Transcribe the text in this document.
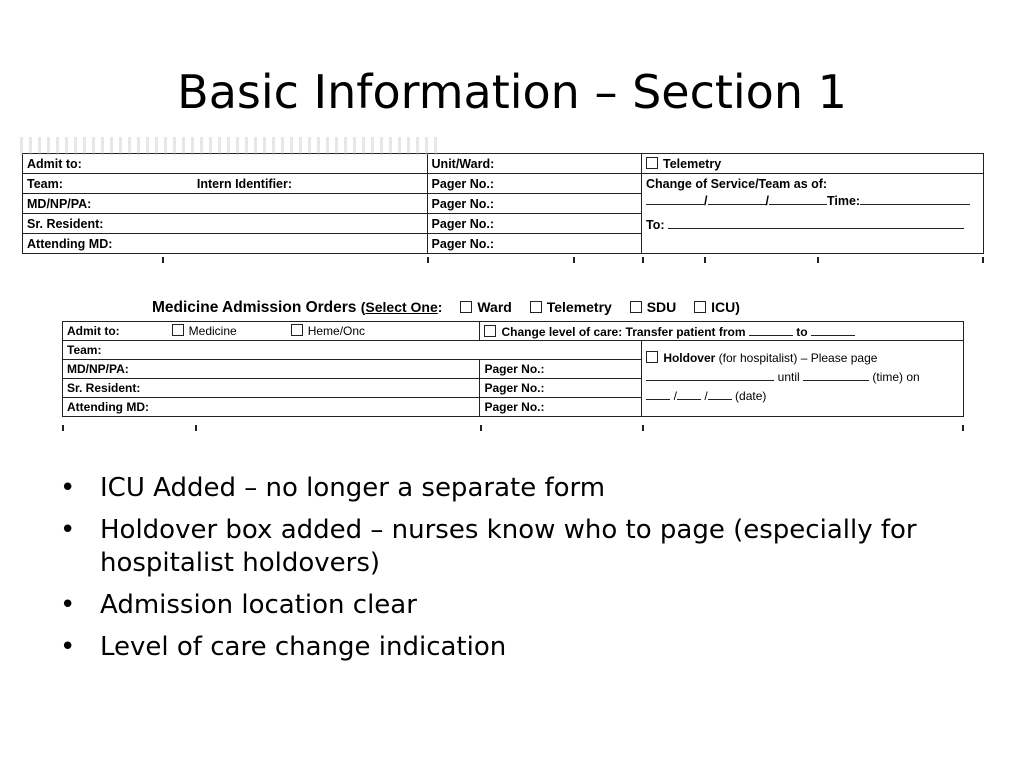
Basic Information – Section 1
Admit to:	Unit/Ward:	Telemetry
Team: Intern Identifier:	Pager No.:	Change of Service/Team as of:
/ / Time:
To:

MD/NP/PA:	Pager No.:	
Sr. Resident:	Pager No.:	
Attending MD:	Pager No.:	
Medicine Admission Orders (Select One: Ward Telemetry SDU ICU)
Admit to: Medicine Heme/Onc	Change level of care: Transfer patient from to	
Team:		Holdover (for hospitalist) – Please page
until (time) on
/ / (date)

MD/NP/PA:	Pager No.:	
Sr. Resident:	Pager No.:	
Attending MD:	Pager No.:	
• ICU Added – no longer a separate form
• Holdover box added – nurses know who to page (especially for hospitalist holdovers)
• Admission location clear
• Level of care change indication
